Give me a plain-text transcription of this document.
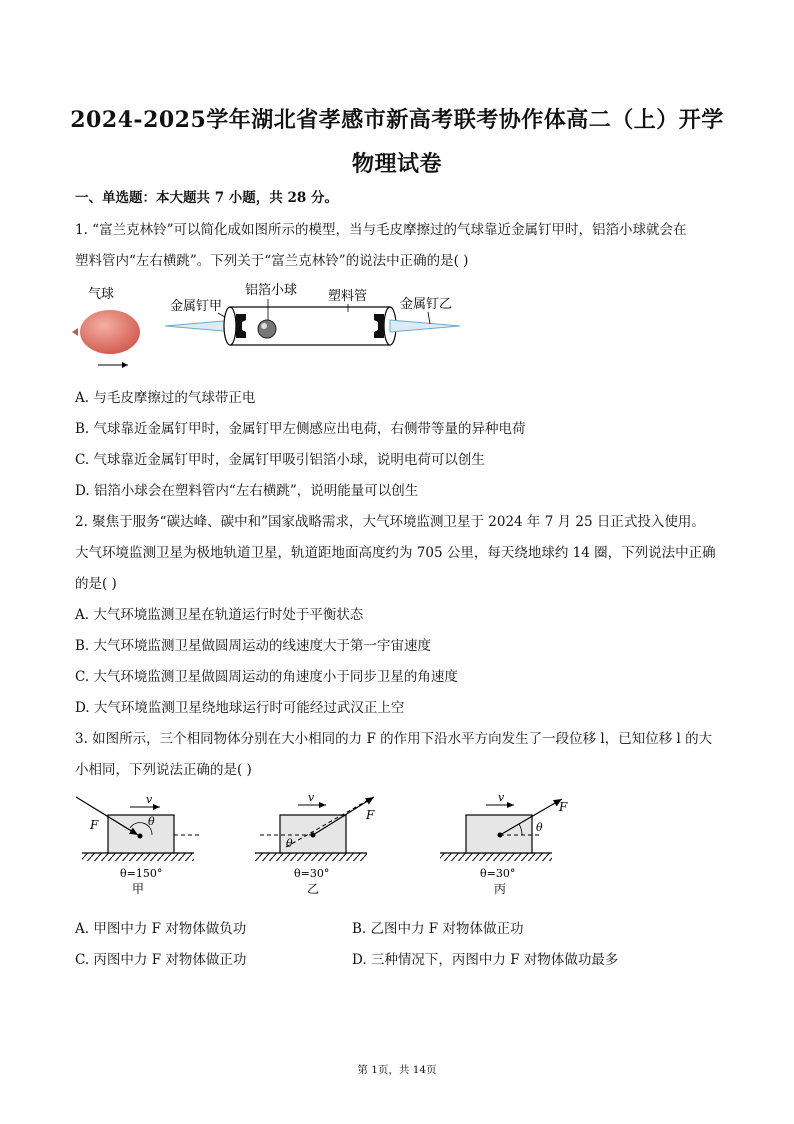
2024-2025学年湖北省孝感市新高考联考协作体高二（上）开学
物理试卷
一、单选题：本大题共 7 小题，共 28 分。
1. “富兰克林铃”可以简化成如图所示的模型，当与毛皮摩擦过的气球靠近金属钉甲时，铝箔小球就会在
塑料管内“左右横跳”。下列关于“富兰克林铃”的说法中正确的是( )
气球
金属钉甲
铝箔小球 塑料管
金属钉乙
A. 与毛皮摩擦过的气球带正电
B. 气球靠近金属钉甲时，金属钉甲左侧感应出电荷，右侧带等量的异种电荷
C. 气球靠近金属钉甲时，金属钉甲吸引铝箔小球，说明电荷可以创生
D. 铝箔小球会在塑料管内“左右横跳”，说明能量可以创生
2. 聚焦于服务“碳达峰、碳中和”国家战略需求，大气环境监测卫星于 2024 年 7 月 25 日正式投入使用。
大气环境监测卫星为极地轨道卫星，轨道距地面高度约为 705 公里，每天绕地球约 14 圈，下列说法中正确
的是( )
A. 大气环境监测卫星在轨道运行时处于平衡状态
B. 大气环境监测卫星做圆周运动的线速度大于第一宇宙速度
C. 大气环境监测卫星做圆周运动的角速度小于同步卫星的角速度
D. 大气环境监测卫星绕地球运行时可能经过武汉正上空
3. 如图所示，三个相同物体分别在大小相同的力 F 的作用下沿水平方向发生了一段位移 l，已知位移 l 的大
小相同，下列说法正确的是( )
v
F	θ
θ=150°
甲
v
F
θ
θ=30°
乙
v
F
θ
θ=30°
丙
A. 甲图中力 F 对物体做负功	B. 乙图中力 F 对物体做正功
C. 丙图中力 F 对物体做正功	D. 三种情况下，丙图中力 F 对物体做功最多
第 1页，共 14页
